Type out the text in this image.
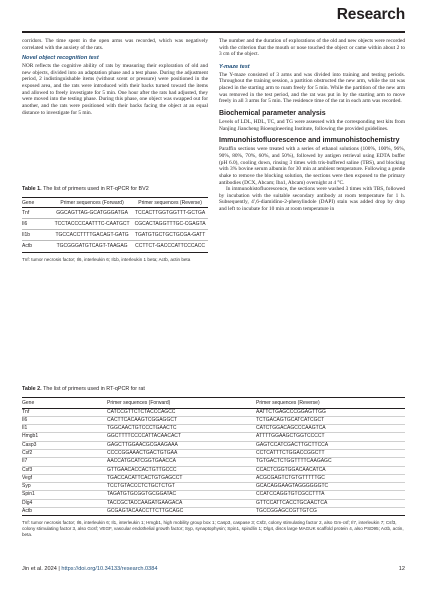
Research

corridors. The time spent in the open arms was recorded, which was negatively correlated with the anxiety of the rats.

Novel object recognition test

NOR reflects the cognitive ability of rats by measuring their exploration of old and new objects, divided into an adaptation phase and a test phase. During the adjustment period, 2 indistinguishable items (without scent or pressure) were positioned in the exposed area, and the rats were introduced with their backs turned toward the items and allowed to freely investigate for 5 min. One hour after the rats had adjusted, they were moved into the testing phase. During this phase, one object was swapped out for another, and the rats were positioned with their backs facing the object at an equal distance to investigate for 5 min.

Table 1. The list of primers used in RT-qPCR for BV2
Gene	Primer sequences (Forward)	Primer sequences (Reverse)
Tnf	GGCAGTTAG-GCATGGGATGA	TCCACTTGGTGGTTT-GCTGA
Il6	TCCTACCCCAATTTC-CAATGCT	CGCACTAGGTTTGC-CGAGTA
Il1b	TGCCACCTTTTGACAGT-GATG	TGATGTGCTGCTGCGA-GATT
Actb	TGCGGGATGTCAGT-TAAGAG	CCTTCT-GACCCATTCCCACC
Tnf: tumor necrosis factor; Il6, interleukin 6; Il1b, interleukin 1 beta; Actb, actin beta

The number and the duration of explorations of the old and new objects were recorded with the criterion that the mouth or nose touched the object or came within about 2 to 3 cm of the object.

Y-maze test

The Y-maze consisted of 3 arms and was divided into training and testing periods. Throughout the training session, a partition obstructed the new arm, while the rat was placed in the starting arm to roam freely for 5 min. While the partition of the new arm was removed in the test period, and the rat was put in by the starting arm to move freely in all 3 arms for 5 min. The residence time of the rat in each arm was recorded.

Biochemical parameter analysis

Levels of LDL, HDL, TC, and TG were assessed with the corresponding test kits from Nanjing Jiancheng Bioengineering Institute, following the provided guidelines.

Immunohistofluorescence and immunohistochemistry

Paraffin sections were treated with a series of ethanol solutions (100%, 100%, 96%, 90%, 80%, 70%, 60%, and 50%), followed by antigen retrieval using EDTA buffer (pH 6.0), cooling down, rinsing 3 times with tris-buffered saline (TBS), and blocking with 3% bovine serum albumin for 30 min at ambient temperature. Following a gentle shake to remove the blocking solution, the sections were then exposed to the primary antibodies (DCX, Abcam; Iba1, Abcam) overnight at 4 °C.

In immunohistofluorescence, the sections were washed 3 times with TBS, followed by incubation with the suitable secondary antibody at room temperature for 1 h. Subsequently, 4′,6-diamidino-2-phenylindole (DAPI) stain was added drop by drop and left to incubate for 10 min at room temperature in

Table 2. The list of primers used in RT-qPCR for rat
Gene	Primer sequences (Forward)	Primer sequences (Reverse)
Tnf	CATCCGTTCTCTACCCAGCC	AATTCTGAGCCCGGAGTTGG
Il6	CACTTCACAAGTCGGAGGCT	TCTGACAGTGCATCATCGCT
Il1	TGGCAACTGTCCCTGAACTC	CATCTGGACAGCCCAAGTCA
Hmgb1	GGCTTTTCCCCATTACAACACT	ATTTTGGAAGCTGGTCCCCT
Casp3	GAGCTTGGAACGCGAAGAAA	GAGTCCATCGACTTGCTTCCA
Csf2	CCCCGGAAACTGACTGTGAA	CCTCATTTCTGGACCGGCTT
Il7	AACCATGCATCGGTGAACCA	TGTGACTCTGGTTTTCAAGAGC
Csf3	GTTGAACACCACTGTTGCCC	CCACTCGGTGGACAACATCA
Vegf	TGACCACATTCACTGTGAGCCT	ACGCGAGTCTGTGTTTTTGC
Syp	TCCTGTACCCTCTGCTCTGT	GCACAGGAAGTAGGGGGGTC
Spin1	TAGATGTGCGGTGCGGATAC	CCATCCAGGTGTCGCCTTTA
Dlg4	TACCGCTACCAAGATGAAGACA	GTTCCATTCACCTGCAACTCA
Actb	GCGAGTACAACCTTCTTGCAGC	TGCCGGAGCCGTTGTCG
Tnf: tumor necrosis factor; Il6, interleukin 6; Il1, interleukin 1; Hmgb1, high mobility group box 1; Casp3, caspase 3; Csf2, colony stimulating factor 2, also Gm-csf; Il7, interleukin 7; Csf3, colony stimulating factor 3, also Gcsf; VEGF, vascular endothelial growth factor; Syp, synaptophysin; Spin1, spindlin 1; Dlg4, discs large MAGUK scaffold protein 4, also PSD95; Actb, actin, beta.
Jin et al. 2024 | https://doi.org/10.34133/research.0384	12
